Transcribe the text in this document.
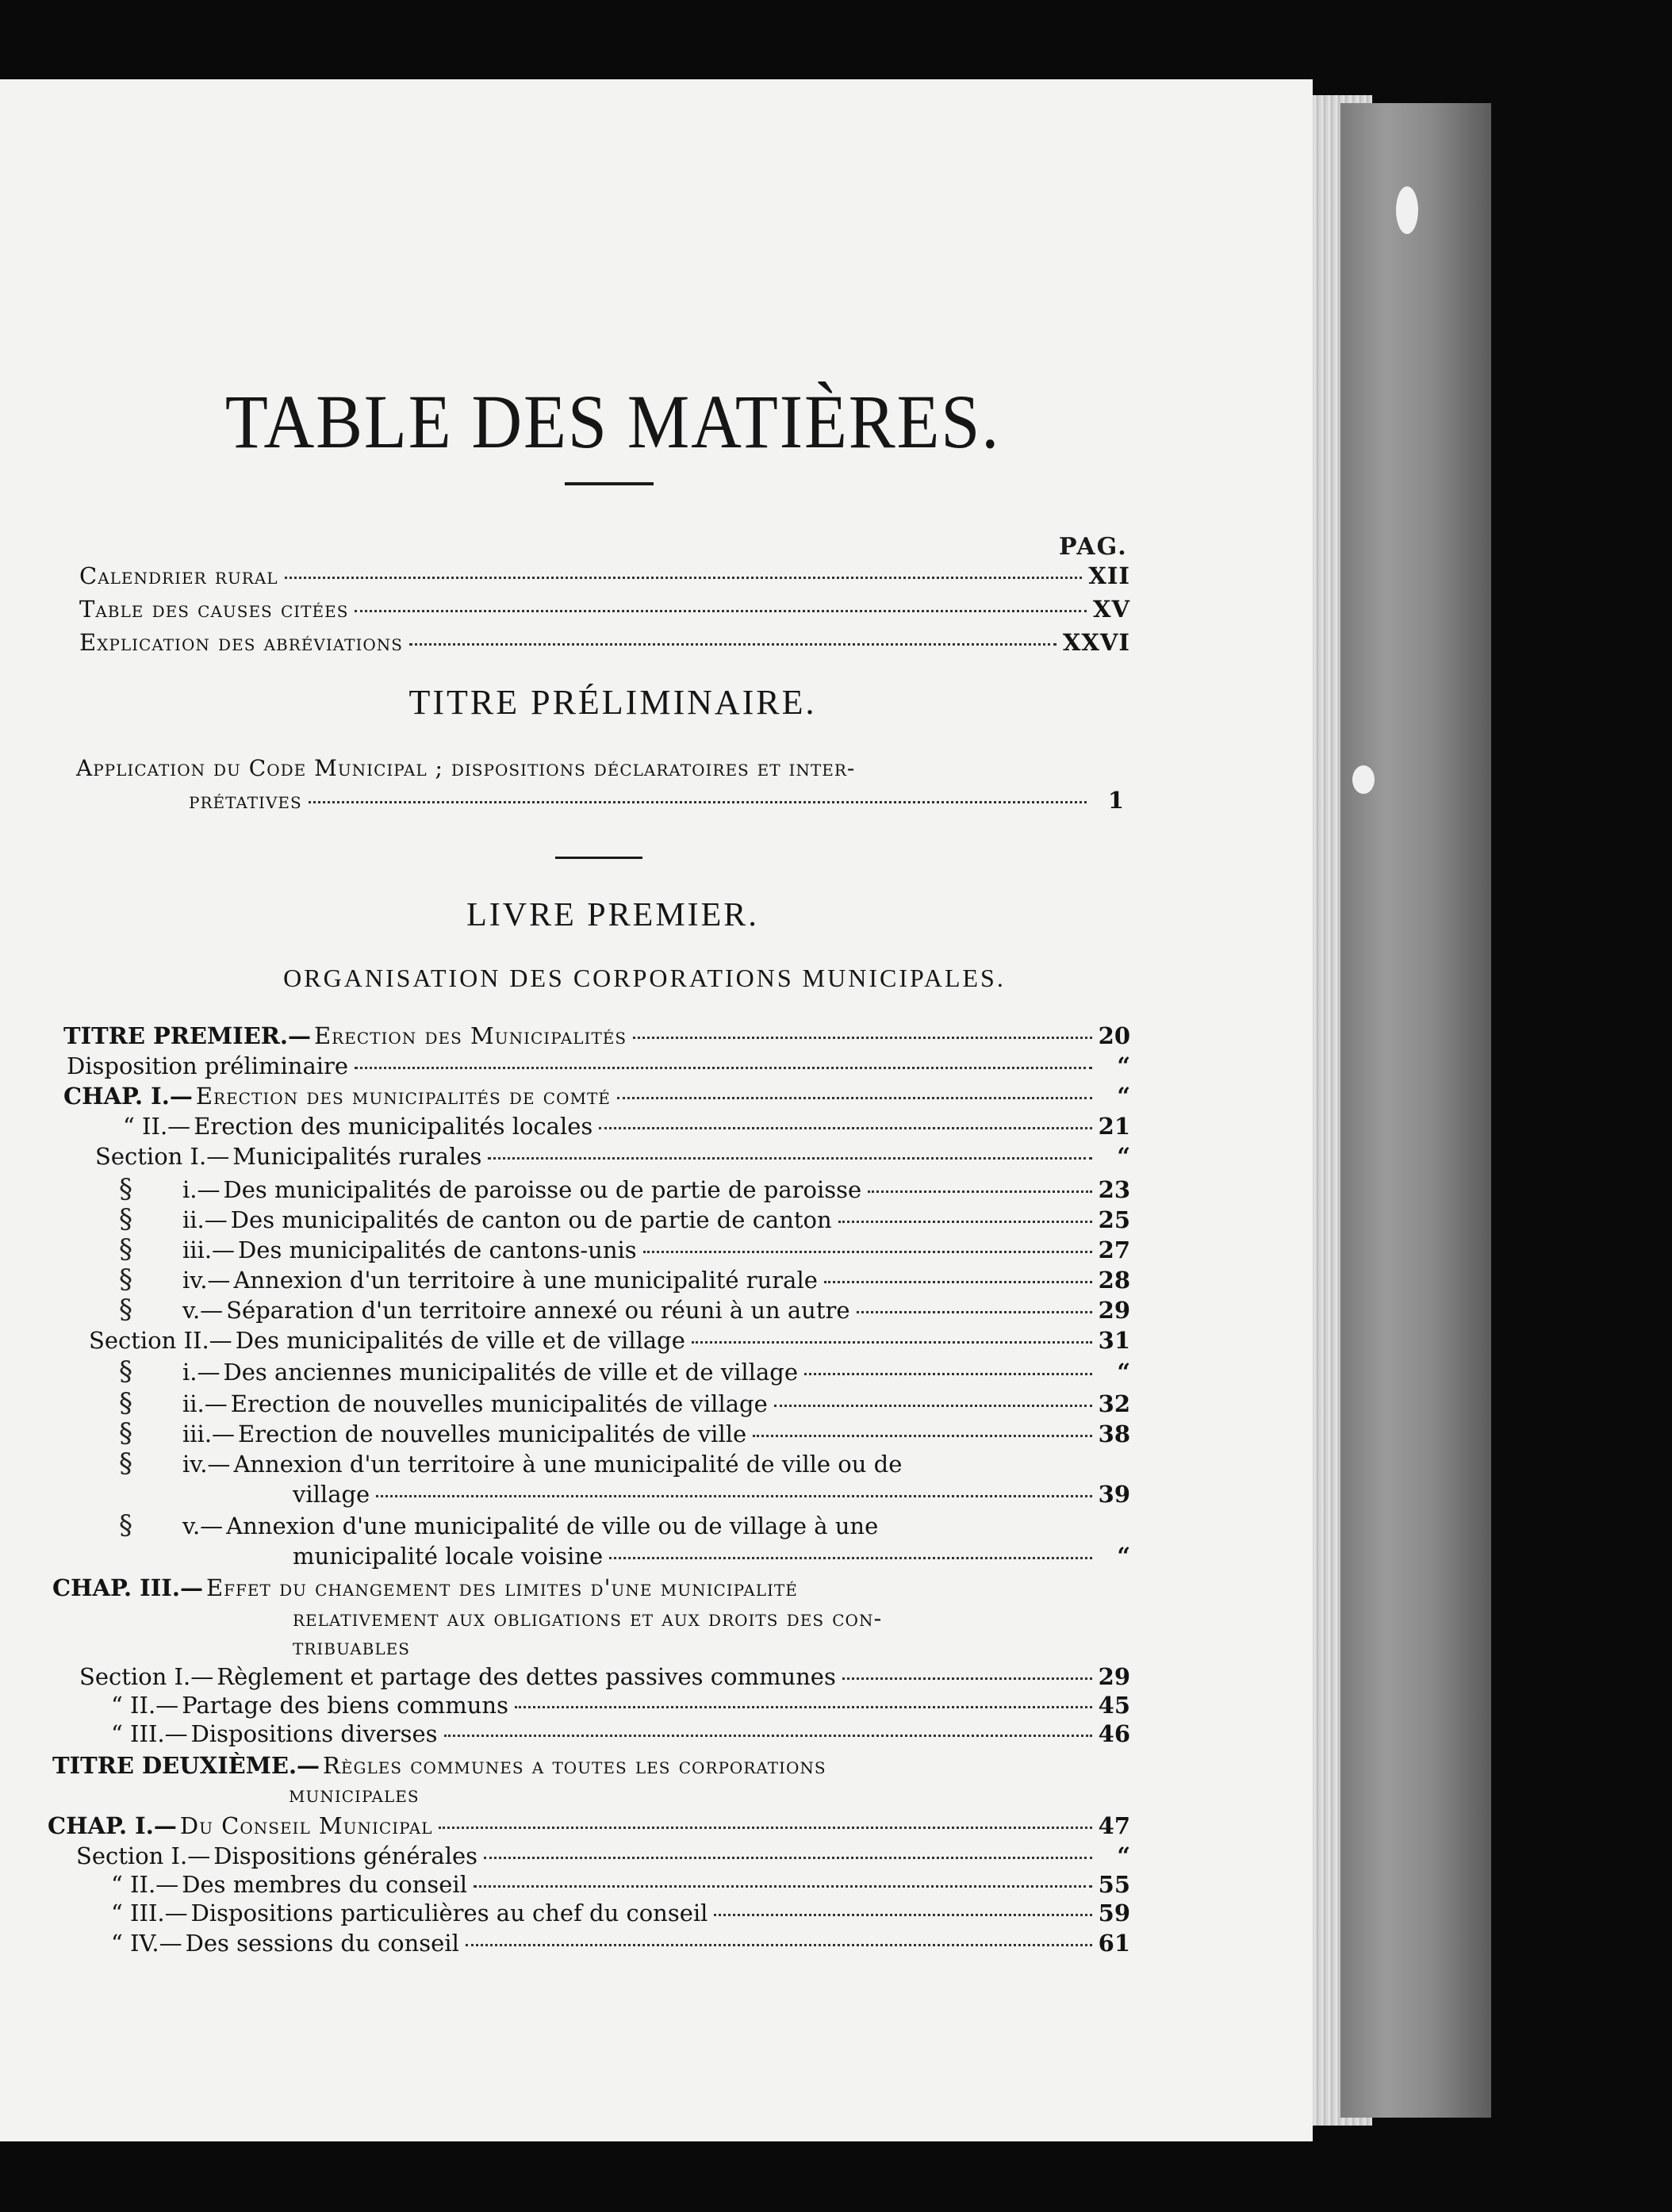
TABLE DES MATIÈRES.
PAG.
Calendrier rural	XII
Table des causes citées	XV
Explication des abréviations	XXVI
TITRE PRÉLIMINAIRE.
Application du Code Municipal ; dispositions déclaratoires et inter-
prétatives	1
LIVRE PREMIER.
ORGANISATION DES CORPORATIONS MUNICIPALES.
TITRE PREMIER.— Erection des Municipalités	20
Disposition préliminaire	“
CHAP. I.— Erection des municipalités de comté	“
“ II.— Erection des municipalités locales	21
Section I.— Municipalités rurales	“
§ i.— Des municipalités de paroisse ou de partie de paroisse	23
§ ii.— Des municipalités de canton ou de partie de canton	25
§ iii.— Des municipalités de cantons-unis	27
§ iv.— Annexion d'un territoire à une municipalité rurale	28
§ v.— Séparation d'un territoire annexé ou réuni à un autre	29
Section II.— Des municipalités de ville et de village	31
§ i.— Des anciennes municipalités de ville et de village	“
§ ii.— Erection de nouvelles municipalités de village	32
§ iii.— Erection de nouvelles municipalités de ville	38
§ iv.— Annexion d'un territoire à une municipalité de ville ou de
village	39
§ v.— Annexion d'une municipalité de ville ou de village à une
municipalité locale voisine	“
CHAP. III.— Effet du changement des limites d'une municipalité
relativement aux obligations et aux droits des con-
tribuables
Section I.— Règlement et partage des dettes passives communes	29
“ II.— Partage des biens communs	45
“ III.— Dispositions diverses	46
TITRE DEUXIÈME.— Règles communes a toutes les corporations
municipales
CHAP. I.— Du Conseil Municipal	47
Section I.— Dispositions générales	“
“ II.— Des membres du conseil	55
“ III.— Dispositions particulières au chef du conseil	59
“ IV.— Des sessions du conseil	61
